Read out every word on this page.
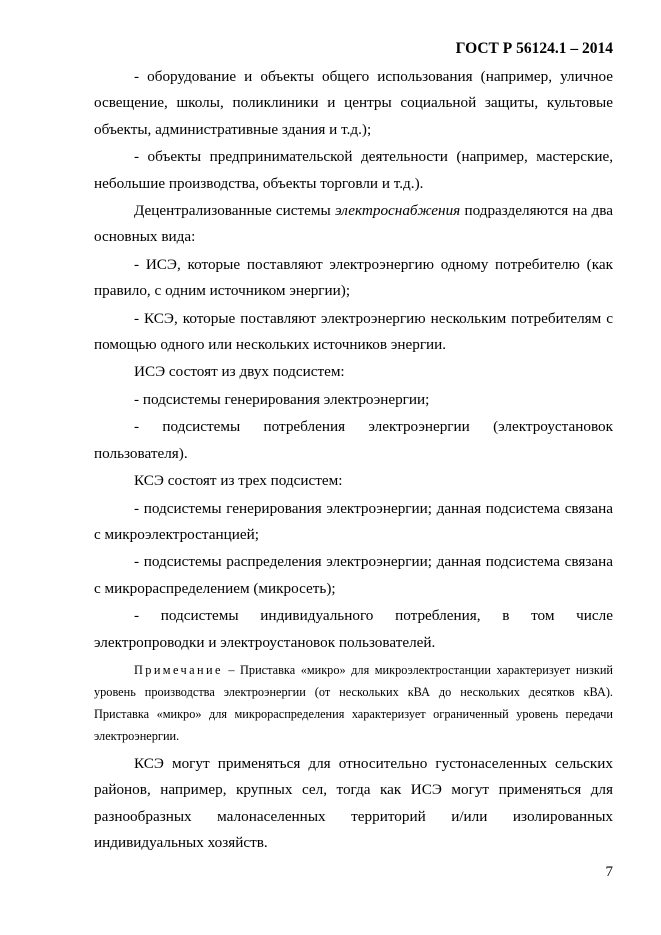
ГОСТ Р 56124.1 – 2014

- оборудование и объекты общего использования (например, уличное освещение, школы, поликлиники и центры социальной защиты, культовые объекты, административные здания и т.д.);

- объекты предпринимательской деятельности (например, мастерские, небольшие производства, объекты торговли и т.д.).

Децентрализованные системы электроснабжения подразделяются на два основных вида:

- ИСЭ, которые поставляют электроэнергию одному потребителю (как правило, с одним источником энергии);

- КСЭ, которые поставляют электроэнергию нескольким потребителям с помощью одного или нескольких источников энергии.

ИСЭ состоят из двух подсистем:

- подсистемы генерирования электроэнергии;

- подсистемы потребления электроэнергии (электроустановок пользователя).

КСЭ состоят из трех подсистем:

- подсистемы генерирования электроэнергии; данная подсистема связана с микроэлектростанцией;

- подсистемы распределения электроэнергии; данная подсистема связана с микрораспределением (микросеть);

- подсистемы индивидуального потребления, в том числе электропроводки и электроустановок пользователей.

Примечание – Приставка «микро» для микроэлектростанции характеризует низкий уровень производства электроэнергии (от нескольких кВА до нескольких десятков кВА). Приставка «микро» для микрораспределения характеризует ограниченный уровень передачи электроэнергии.

КСЭ могут применяться для относительно густонаселенных сельских районов, например, крупных сел, тогда как ИСЭ могут применяться для разнообразных малонаселенных территорий и/или изолированных индивидуальных хозяйств.

7
